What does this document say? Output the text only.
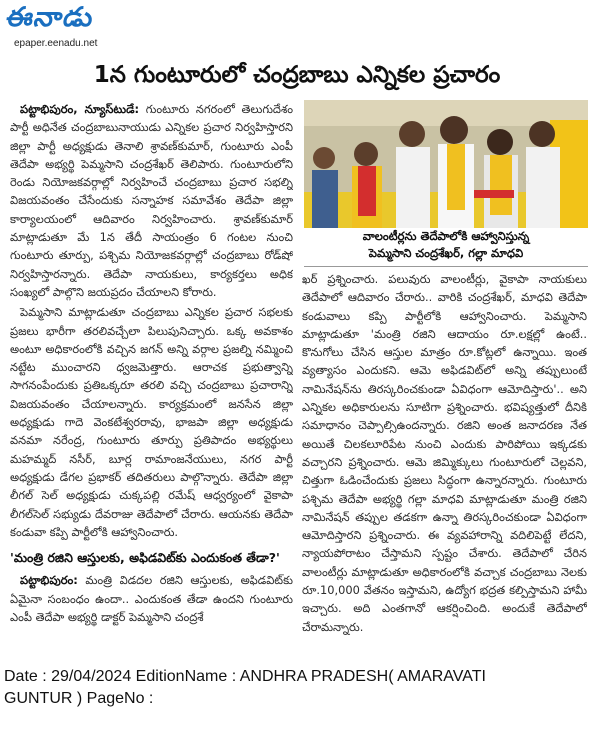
ఈనాడు
epaper.eenadu.net
1న గుంటూరులో చంద్రబాబు ఎన్నికల ప్రచారం

పట్టాభిపురం, న్యూస్‌టుడే: గుంటూరు నగరంలో తెలుగుదేశం పార్టీ అధినేత చంద్రబాబునాయుడు ఎన్నికల ప్రచార నిర్వహిస్తారని జిల్లా పార్టీ అధ్యక్షుడు తెనాలి శ్రావణ్‌కుమార్, గుంటూరు ఎంపీ తెదేపా అభ్యర్థి పెమ్మసాని చంద్రశేఖర్ తెలిపారు. గుంటూరులోని రెండు నియోజకవర్గాల్లో నిర్వహించే చంద్రబాబు ప్రచార సభల్ని విజయవంతం చేసేందుకు సన్నాహక సమావేశం తెదేపా జిల్లా కార్యాలయంలో ఆదివారం నిర్వహించారు. శ్రావణ్‌కుమార్ మాట్లాడుతూ మే 1న తేదీ సాయంత్రం 6 గంటల నుంచి గుంటూరు తూర్పు, పశ్చిమ నియోజకవర్గాల్లో చంద్రబాబు రోడ్‌షో నిర్వహిస్తారన్నారు. తెదేపా నాయకులు, కార్యకర్తలు అధిక సంఖ్యలో పాల్గొని జయప్రదం చేయాలని కోరారు.

పెమ్మసాని మాట్లాడుతూ చంద్రబాబు ఎన్నికల ప్రచార సభలకు ప్రజలు భారీగా తరలివచ్చేలా పిలుపునిచ్చారు. ఒక్క అవకాశం అంటూ అధికారంలోకి వచ్చిన జగన్ అన్ని వర్గాల ప్రజల్ని నమ్మించి నట్టేట ముంచారని ధ్వజమెత్తారు. ఆరాచక ప్రభుత్వాన్ని సాగనంపేందుకు ప్రతిఒక్కరూ తరలి వచ్చి చంద్రబాబు ప్రచారాన్ని విజయవంతం చేయాలన్నారు. కార్యక్రమంలో జనసేన జిల్లా అధ్యక్షుడు గాదె వెంకటేశ్వరరావు, భాజపా జిల్లా అధ్యక్షుడు వనమా నరేంద్ర, గుంటూరు తూర్పు ప్రతిపాదం అభ్యర్థులు మహమ్మద్ నసీర్, బూర్ల రామాంజనేయులు, నగర పార్టీ అధ్యక్షుడు డేగల ప్రభాకర్ తదితరులు పాల్గొన్నారు. తెదేపా జిల్లా లీగల్ సెల్ అధ్యక్షుడు చుక్కపల్లి రమేష్ ఆధ్వర్యంలో వైకాపా లీగల్‌సెల్ సభ్యుడు దేవరాజు తెదేపాలో చేరారు. ఆయనకు తెదేపా కండువా కప్పి పార్టీలోకి ఆహ్వానించారు.

'మంత్రి రజిని ఆస్తులకు, అఫిడవిట్‌కు ఎందుకంత తేడా?'

పట్టాభిపురం: మంత్రి విడదల రజిని ఆస్తులకు, అఫిడవిట్‌కు ఏమైనా సంబంధం ఉందా.. ఎందుకంత తేడా ఉందని గుంటూరు ఎంపీ తెదేపా అభ్యర్థి డాక్టర్ పెమ్మసాని చంద్రశే

వాలంటీర్లను తెదేపాలోకి ఆహ్వానిస్తున్న
పెమ్మసాని చంద్రశేఖర్, గల్లా మాధవి

ఖర్ ప్రశ్నించారు. పలువురు వాలంటీర్లు, వైకాపా నాయకులు తెదేపాలో ఆదివారం చేరారు.. వారికి చంద్రశేఖర్, మాధవి తెదేపా కండువాలు కప్పి పార్టీలోకి ఆహ్వానించారు. పెమ్మసాని మాట్లాడుతూ 'మంత్రి రజిని ఆదాయం రూ.లక్షల్లో ఉంటే.. కొనుగోలు చేసిన ఆస్తుల మాత్రం రూ.కోట్లలో ఉన్నాయి. ఇంత వ్యత్యాసం ఎందుకని. ఆమె అఫిడవిట్‌లో అన్ని తప్పులుంటే నామినేషన్‌ను తిరస్కరించకుండా ఏవిధంగా ఆమోదిస్తారు'.. అని ఎన్నికల అధికారులను సూటిగా ప్రశ్నించారు. భవిష్యత్తులో దీనికి సమాధానం చెప్పాల్సిఉందన్నారు. రజిని అంత జనాదరణ నేత అయితే చిలకలూరిపేట నుంచి ఎందుకు పారిపోయి ఇక్కడకు వచ్చారని ప్రశ్నించారు. ఆమె జిమ్మిక్కులు గుంటూరులో చెల్లవని, చిత్తుగా ఓడించేందుకు ప్రజలు సిద్ధంగా ఉన్నారన్నారు. గుంటూరు పశ్చిమ తెదేపా అభ్యర్థి గల్లా మాధవి మాట్లాడుతూ మంత్రి రజిని నామినేషన్ తప్పుల తడకగా ఉన్నా తిరస్కరించకుండా ఏవిధంగా ఆమోదిస్తారని ప్రశ్నించారు. ఈ వ్యవహారాన్ని వదిలిపెట్టే లేదని, న్యాయపోరాటం చేస్తామని స్పష్టం చేశారు. తెదేపాలో చేరిన వాలంటీర్లు మాట్లాడుతూ అధికారంలోకి వచ్చాక చంద్రబాబు నెలకు రూ.10,000 వేతనం ఇస్తామని, ఉద్యోగ భద్రత కల్పిస్తామని హామీ ఇచ్చారు. అది ఎంతగానో ఆకర్షించింది. అందుకే తెదేపాలో చేరామన్నారు.

Date : 29/04/2024 EditionName : ANDHRA PRADESH( AMARAVATI
GUNTUR ) PageNo :
